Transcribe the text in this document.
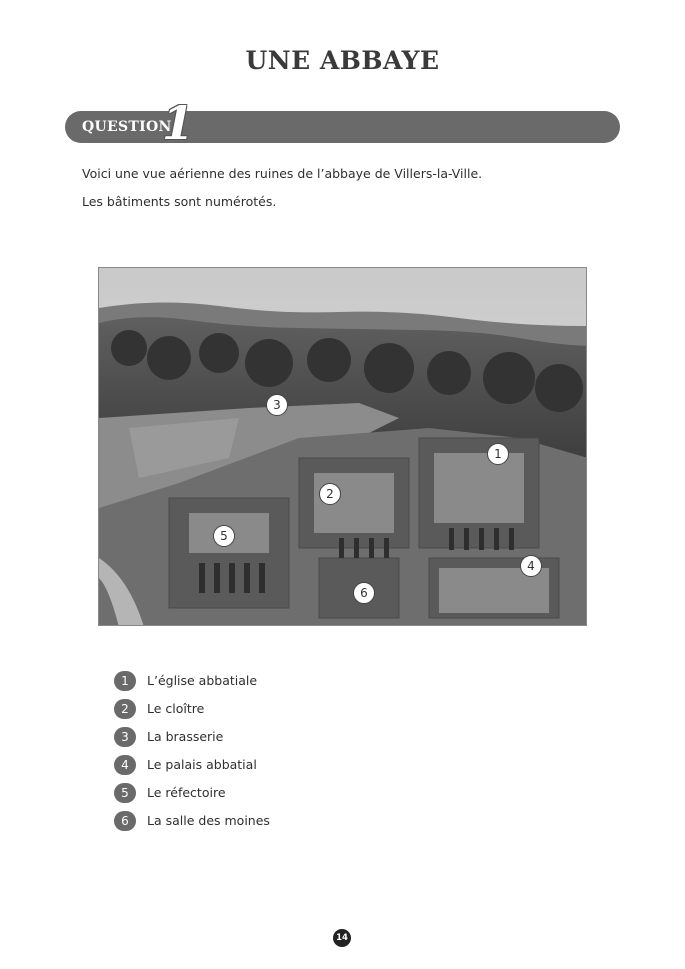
UNE ABBAYE
QUESTION
1
Voici une vue aérienne des ruines de l’abbaye de Villers-la-Ville.
Les bâtiments sont numérotés.
3
1
2
5
4
6
1	L’église abbatiale
2	Le cloître
3	La brasserie
4	Le palais abbatial
5	Le réfectoire
6	La salle des moines
14
